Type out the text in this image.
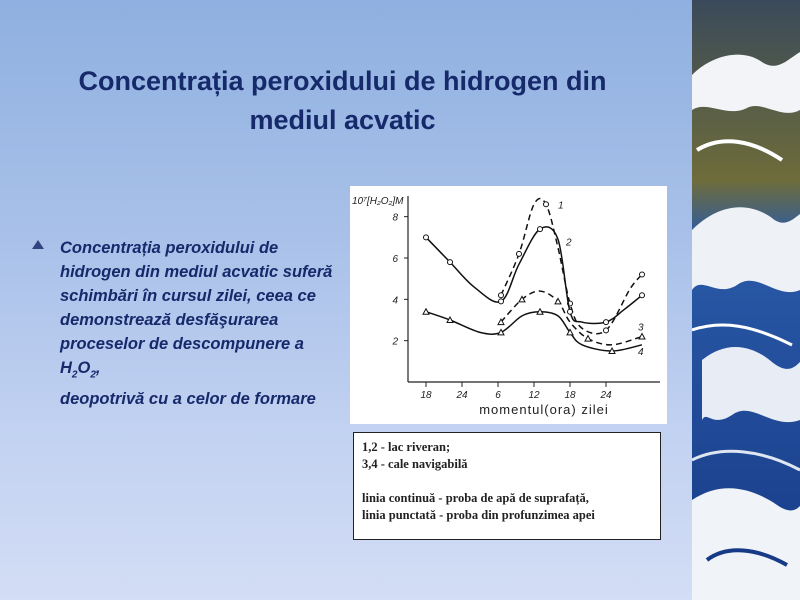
Concentrația peroxidului de hidrogen din
mediul acvatic
Concentrația peroxidului de hidrogen din mediul acvatic suferă schimbări în cursul zilei, ceea ce demonstrează desfăşurarea proceselor de descompunere a $H_2O_2$,
deopotrivă cu a celor de formare	18 24	6	12 18 24
2
4
6
8
10⁷[H₂O₂]M
momentul(ora) zilei
1
2
3
4
1,2 - lac riveran;
3,4 - cale navigabilă
linia continuă - proba de apă de suprafață,
linia punctată - proba din profunzimea apei
